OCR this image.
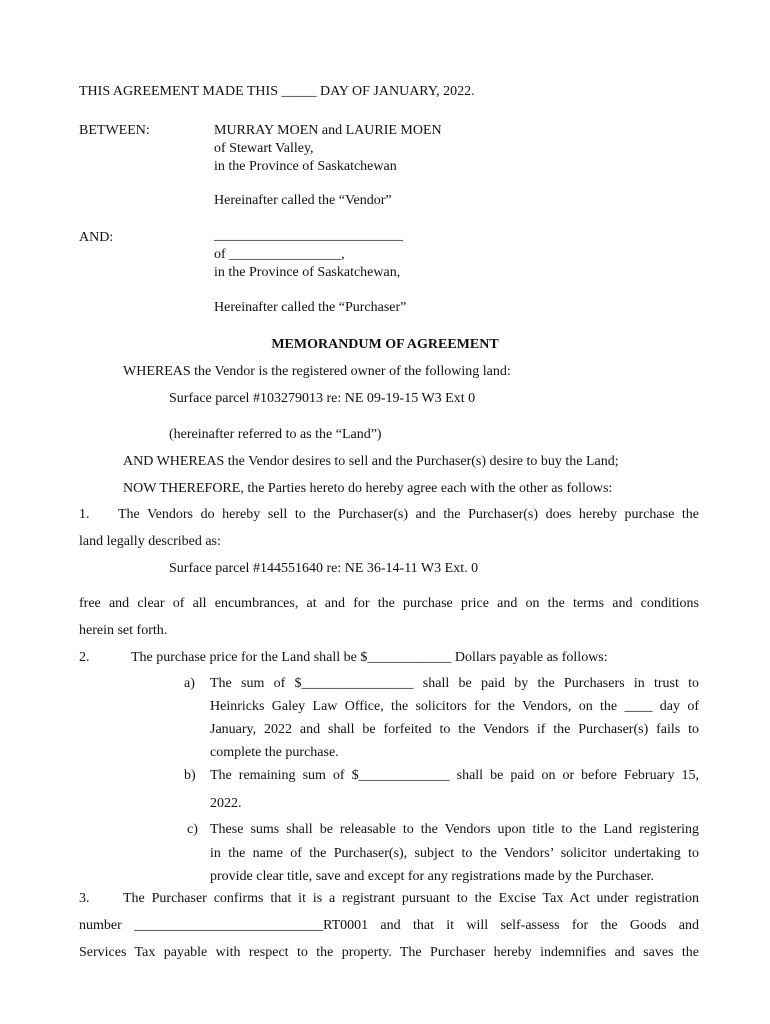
THIS AGREEMENT MADE THIS _____ DAY OF JANUARY, 2022.
BETWEEN:	MURRAY MOEN and LAURIE MOEN
of Stewart Valley,
in the Province of Saskatchewan
Hereinafter called the “Vendor”
AND:	___________________________
of ________________,
in the Province of Saskatchewan,
Hereinafter called the “Purchaser”
MEMORANDUM OF AGREEMENT
WHEREAS the Vendor is the registered owner of the following land:
Surface parcel #103279013 re: NE 09-19-15 W3 Ext 0
(hereinafter referred to as the “Land”)
AND WHEREAS the Vendor desires to sell and the Purchaser(s) desire to buy the Land;
NOW THEREFORE, the Parties hereto do hereby agree each with the other as follows:
1. The Vendors do hereby sell to the Purchaser(s) and the Purchaser(s) does hereby purchase the
land legally described as:
Surface parcel #144551640 re: NE 36-14-11 W3 Ext. 0
free and clear of all encumbrances, at and for the purchase price and on the terms and conditions
herein set forth.
2.	The purchase price for the Land shall be $____________ Dollars payable as follows:
a) The sum of $________________ shall be paid by the Purchasers in trust to
Heinricks Galey Law Office, the solicitors for the Vendors, on the ____ day of
January, 2022 and shall be forfeited to the Vendors if the Purchaser(s) fails to
complete the purchase.
b) The remaining sum of $_____________ shall be paid on or before February 15,
2022.
c) These sums shall be releasable to the Vendors upon title to the Land registering
in the name of the Purchaser(s), subject to the Vendors’ solicitor undertaking to
provide clear title, save and except for any registrations made by the Purchaser.
3. The Purchaser confirms that it is a registrant pursuant to the Excise Tax Act under registration
number ___________________________RT0001 and that it will self-assess for the Goods and
Services Tax payable with respect to the property. The Purchaser hereby indemnifies and saves the
